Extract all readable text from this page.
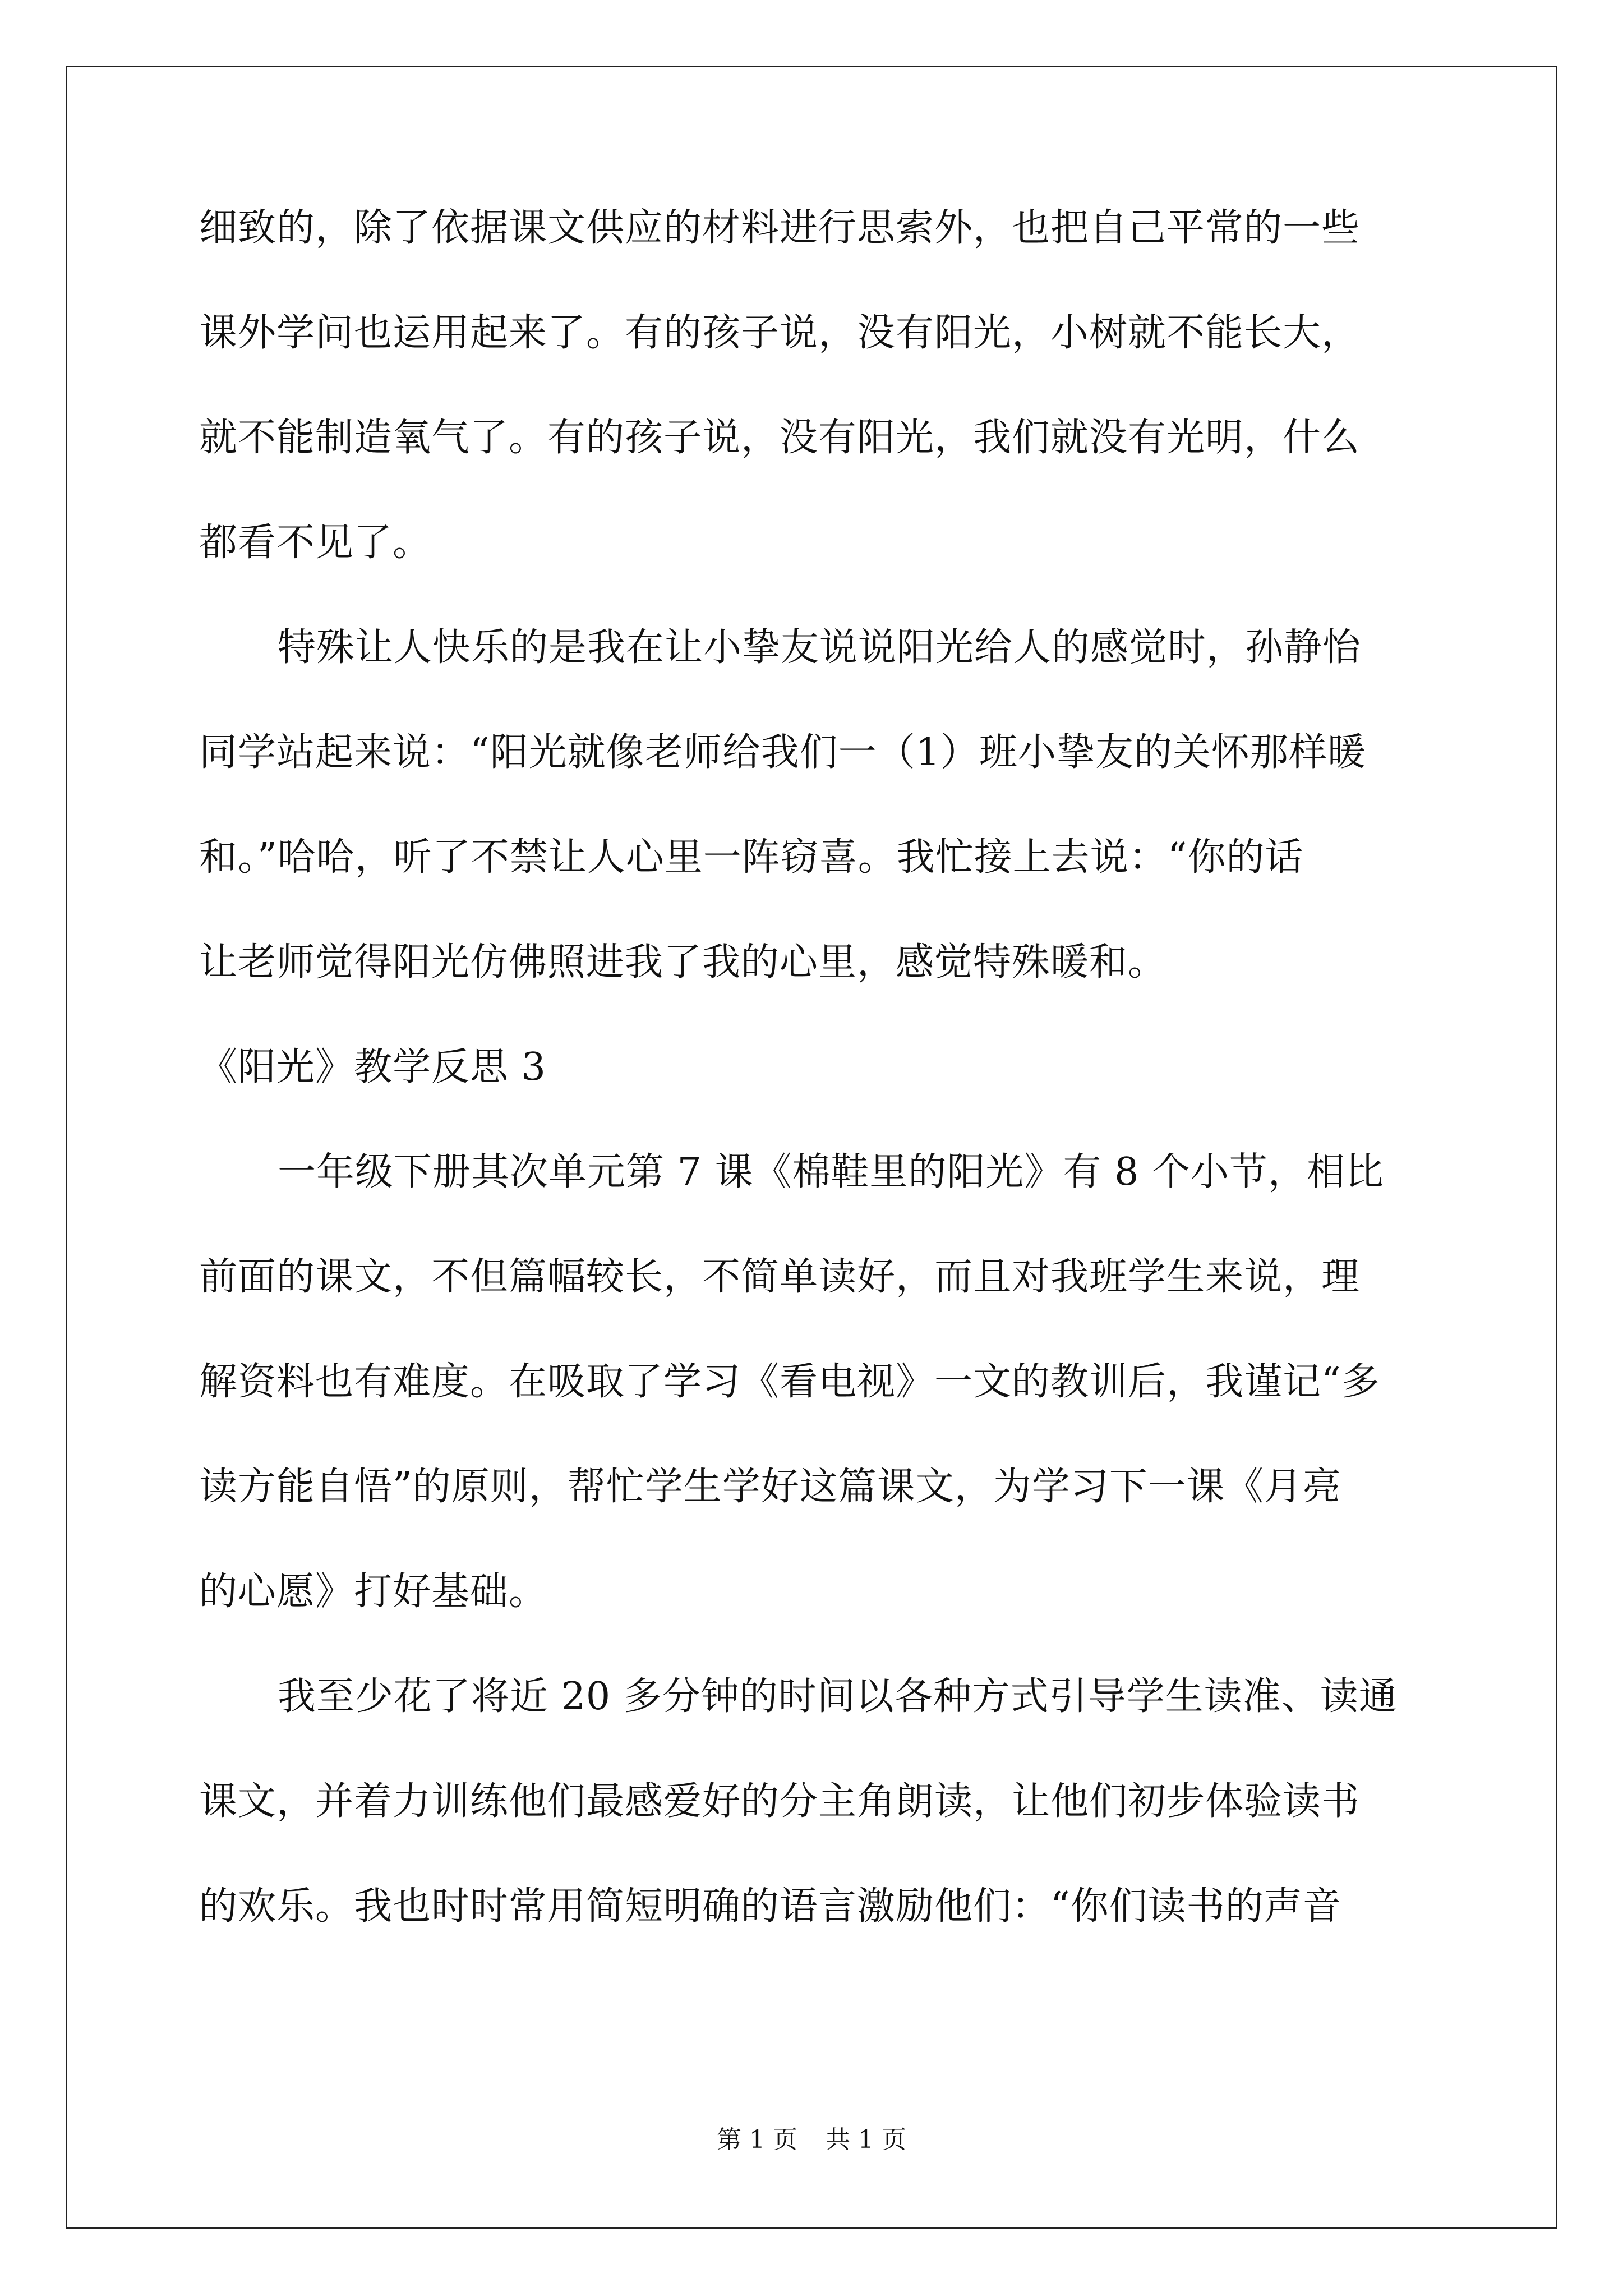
细致的，除了依据课文供应的材料进行思索外，也把自己平常的一些
课外学问也运用起来了。有的孩子说，没有阳光，小树就不能长大，
就不能制造氧气了。有的孩子说，没有阳光，我们就没有光明，什么
都看不见了。
特殊让人快乐的是我在让小挚友说说阳光给人的感觉时，孙静怡
同学站起来说：“阳光就像老师给我们一（1）班小挚友的关怀那样暖
和。”哈哈，听了不禁让人心里一阵窃喜。我忙接上去说：“你的话
让老师觉得阳光仿佛照进我了我的心里，感觉特殊暖和。
《阳光》教学反思 3
一年级下册其次单元第 7 课《棉鞋里的阳光》有 8 个小节，相比
前面的课文，不但篇幅较长，不简单读好，而且对我班学生来说，理
解资料也有难度。在吸取了学习《看电视》一文的教训后，我谨记“多
读方能自悟”的原则，帮忙学生学好这篇课文，为学习下一课《月亮
的心愿》打好基础。
我至少花了将近 20 多分钟的时间以各种方式引导学生读准、读通
课文，并着力训练他们最感爱好的分主角朗读，让他们初步体验读书
的欢乐。我也时时常用简短明确的语言激励他们：“你们读书的声音
第 1 页 共 1 页
